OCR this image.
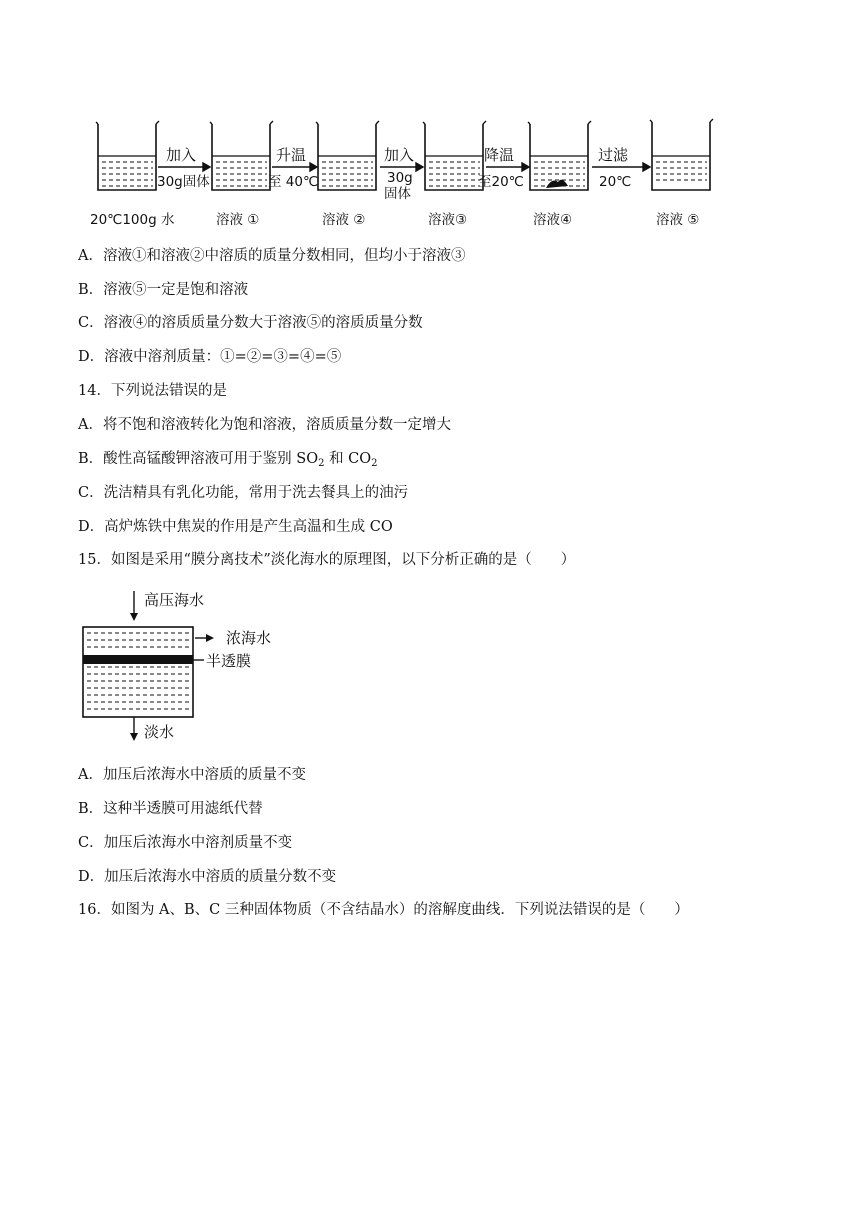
加入
30g固体
升温
至 40℃
加入
30g
固体
降温
至20℃
过滤
20℃
20℃100g 水	溶液 ①	溶液 ②	溶液③	溶液④	溶液 ⑤
A．溶液①和溶液②中溶质的质量分数相同，但均小于溶液③
B．溶液⑤一定是饱和溶液
C．溶液④的溶质质量分数大于溶液⑤的溶质质量分数
D．溶液中溶剂质量：①=②=③=④=⑤
14．下列说法错误的是
A．将不饱和溶液转化为饱和溶液，溶质质量分数一定增大
B．酸性高锰酸钾溶液可用于鉴别 $SO_2$ 和 $CO_2$
C．洗洁精具有乳化功能，常用于洗去餐具上的油污
D．高炉炼铁中焦炭的作用是产生高温和生成 CO
15．如图是采用“膜分离技术”淡化海水的原理图，以下分析正确的是（　　）
高压海水
浓海水
半透膜
淡水
A．加压后浓海水中溶质的质量不变
B．这种半透膜可用滤纸代替
C．加压后浓海水中溶剂质量不变
D．加压后浓海水中溶质的质量分数不变
16．如图为 A、B、C 三种固体物质（不含结晶水）的溶解度曲线．下列说法错误的是（　　）
